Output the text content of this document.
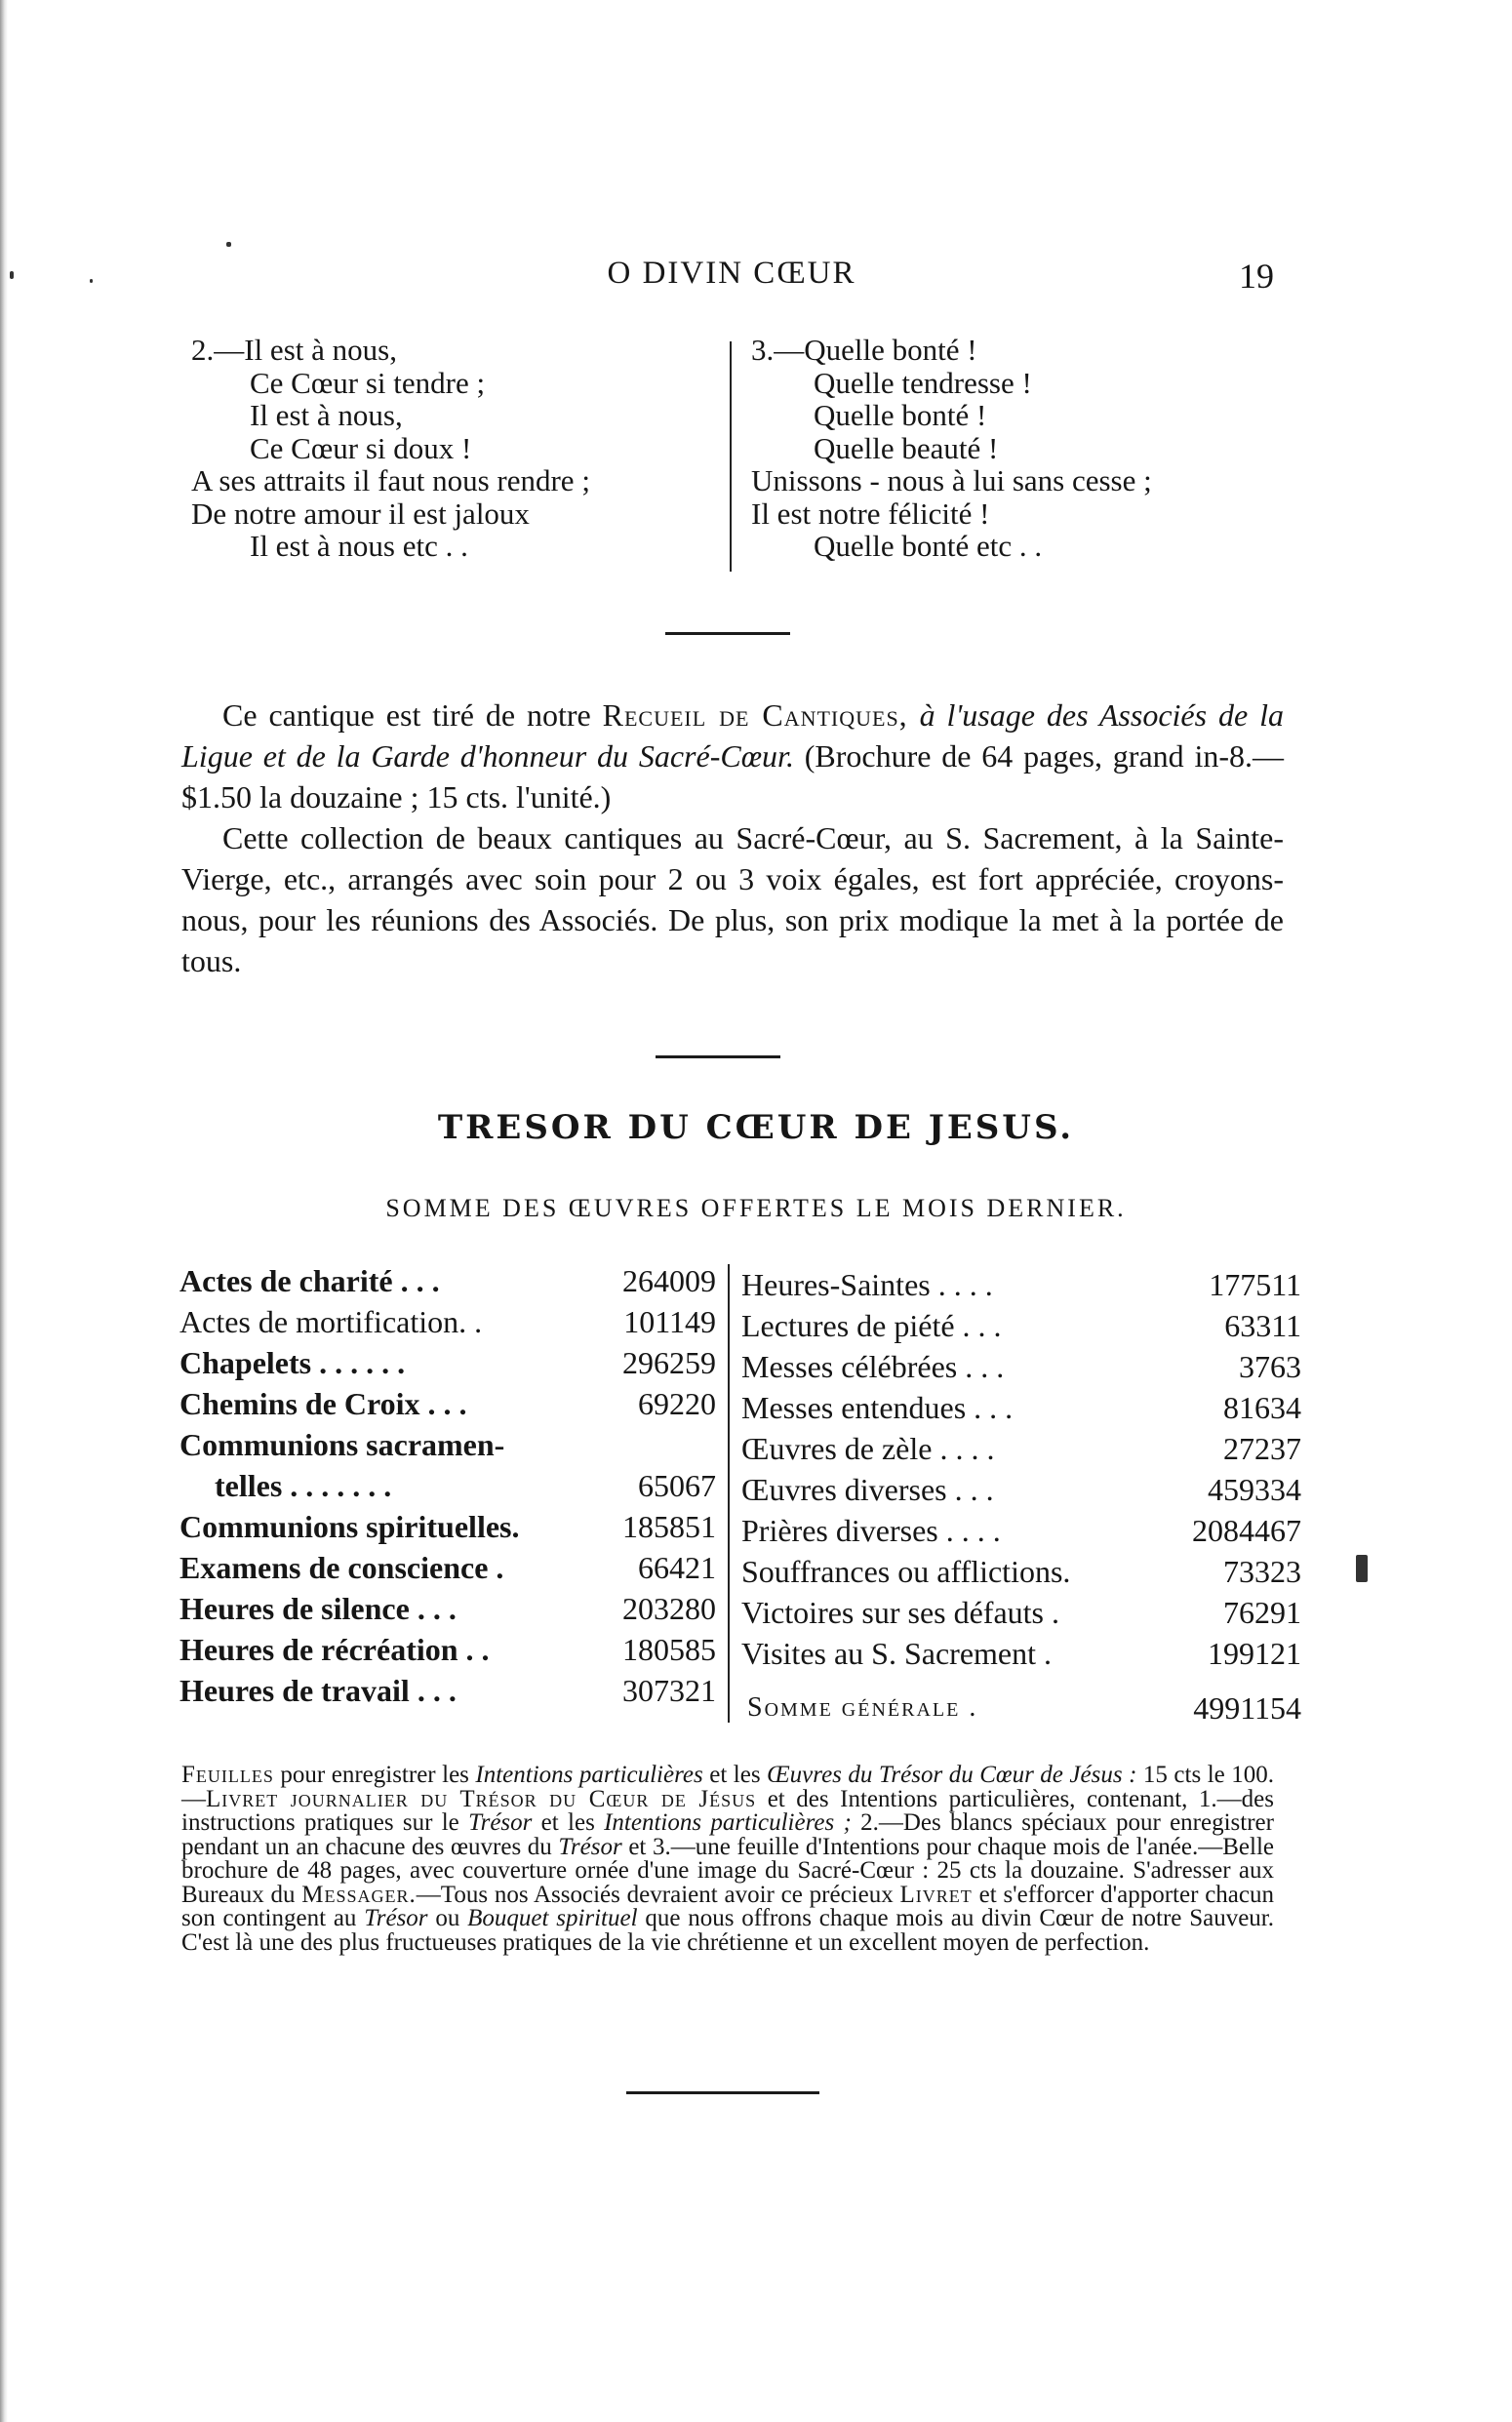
O DIVIN CŒUR	19
2.—Il est à nous,
Ce Cœur si tendre ;
Il est à nous,
Ce Cœur si doux !
A ses attraits il faut nous rendre ;
De notre amour il est jaloux
Il est à nous etc . .
3.—Quelle bonté !
Quelle tendresse !
Quelle bonté !
Quelle beauté !
Unissons - nous à lui sans cesse ;
Il est notre félicité !
Quelle bonté etc . .

Ce cantique est tiré de notre Recueil de Cantiques, à l'usage des Associés de la Ligue et de la Garde d'honneur du Sacré-Cœur. (Brochure de 64 pages, grand in-8.—$1.50 la douzaine ; 15 cts. l'unité.)

Cette collection de beaux cantiques au Sacré-Cœur, au S. Sacrement, à la Sainte-Vierge, etc., arrangés avec soin pour 2 ou 3 voix égales, est fort appréciée, croyons-nous, pour les réunions des Associés. De plus, son prix modique la met à la portée de tous.

TRESOR DU CŒUR DE JESUS.
SOMME DES ŒUVRES OFFERTES LE MOIS DERNIER.
Actes de charité . . .	264009
Actes de mortification. .	101149
Chapelets . . . . . .	296259
Chemins de Croix . . .	69220
Communions sacramen-
telles . . . . . . .	65067
Communions spirituelles.	185851
Examens de conscience .	66421
Heures de silence . . .	203280
Heures de récréation . .	180585
Heures de travail . . .	307321
Heures-Saintes . . . .	177511
Lectures de piété . . .	63311
Messes célébrées . . .	3763
Messes entendues . . .	81634
Œuvres de zèle . . . .	27237
Œuvres diverses . . .	459334
Prières diverses . . . .	2084467
Souffrances ou afflictions.	73323
Victoires sur ses défauts .	76291
Visites au S. Sacrement .	199121
Somme générale .	4991154
Feuilles pour enregistrer les Intentions particulières et les Œuvres du Trésor du Cœur de Jésus : 15 cts le 100.—Livret journalier du Trésor du Cœur de Jésus et des Intentions particulières, contenant, 1.—des instructions pratiques sur le Trésor et les Intentions particulières ; 2.—Des blancs spéciaux pour enregistrer pendant un an chacune des œuvres du Trésor et 3.—une feuille d'Intentions pour chaque mois de l'anée.—Belle brochure de 48 pages, avec couverture ornée d'une image du Sacré-Cœur : 25 cts la douzaine. S'adresser aux Bureaux du Messager.—Tous nos Associés devraient avoir ce précieux Livret et s'efforcer d'apporter chacun son contingent au Trésor ou Bouquet spirituel que nous offrons chaque mois au divin Cœur de notre Sauveur. C'est là une des plus fructueuses pratiques de la vie chrétienne et un excellent moyen de perfection.
